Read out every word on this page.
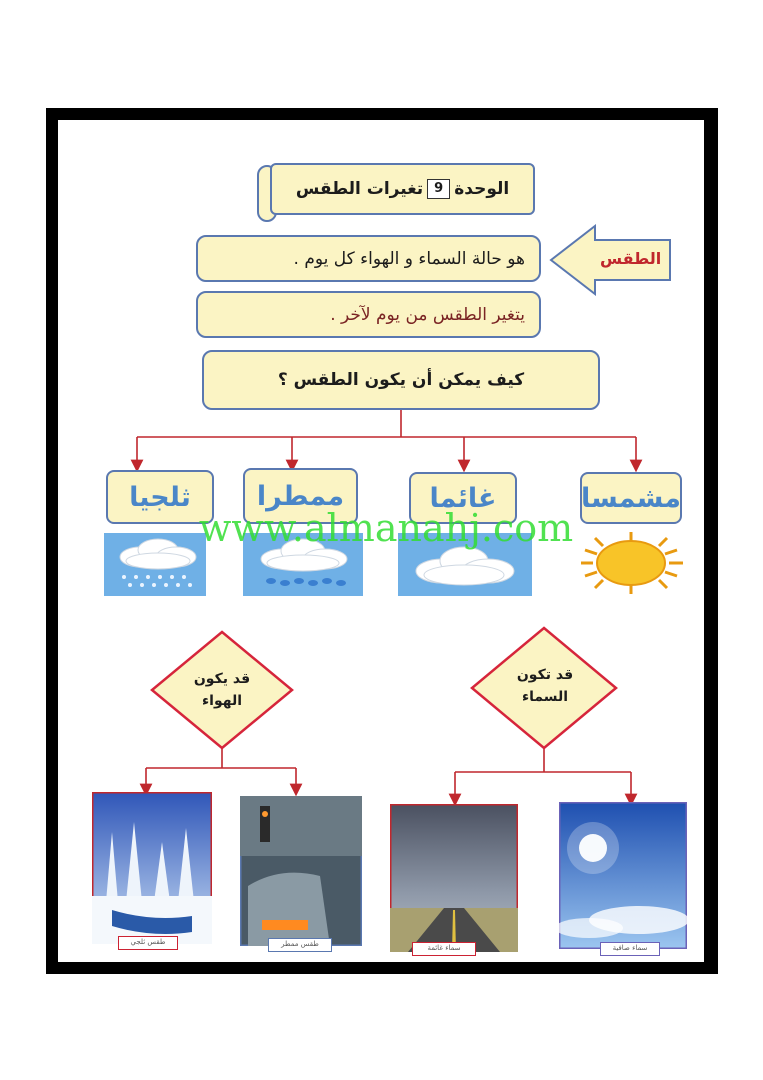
الوحدة
9
تغيرات الطقس
هو حالة السماء و الهواء كل يوم .	الطقس
يتغير الطقس من يوم لآخر .
كيف يمكن أن يكون الطقس ؟
مشمسا
غائما
ممطرا
ثلجيا
www.almanahj.com
قد تكون
السماء
قد يكون
الهواء
سماء صافية
سماء غائمة
طقس ممطر
طقس ثلجي
